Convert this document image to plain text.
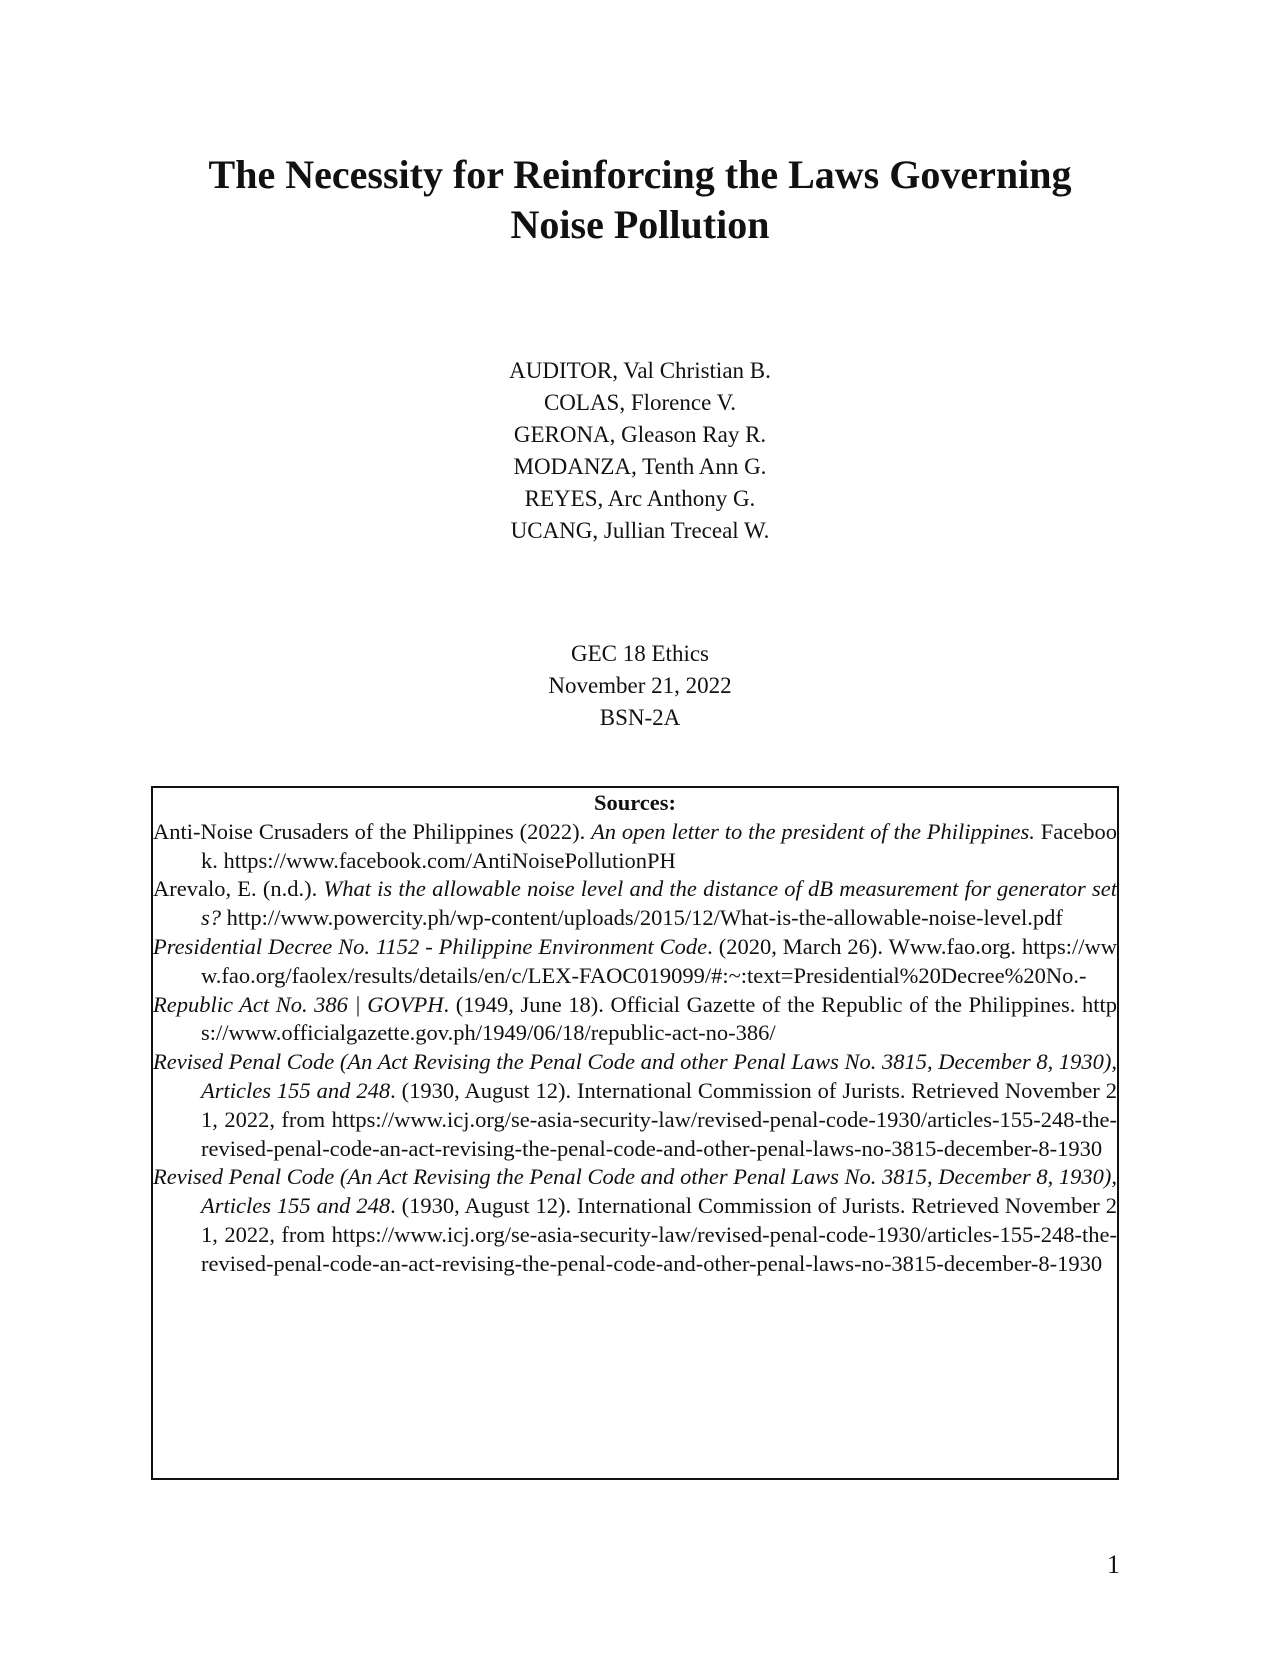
The Necessity for Reinforcing the Laws Governing
Noise Pollution
AUDITOR, Val Christian B.
COLAS, Florence V.
GERONA, Gleason Ray R.
MODANZA, Tenth Ann G.
REYES, Arc Anthony G.
UCANG, Jullian Treceal W.
GEC 18 Ethics
November 21, 2022
BSN-2A
Sources:
Anti-Noise Crusaders of the Philippines (2022). An open letter to the president of the Philippines. Facebook. https://www.facebook.com/AntiNoisePollutionPH
Arevalo, E. (n.d.). What is the allowable noise level and the distance of dB measurement for generator sets? http://www.powercity.ph/wp-content/uploads/2015/12/What-is-the-allowable-noise-level.pdf
Presidential Decree No. 1152 - Philippine Environment Code. (2020, March 26). Www.fao.org. https://www.fao.org/faolex/results/details/en/c/LEX-FAOC019099/#:~:text=Presidential%20Decree%20No.-
Republic Act No. 386 | GOVPH. (1949, June 18). Official Gazette of the Republic of the Philippines. https://www.officialgazette.gov.ph/1949/06/18/republic-act-no-386/
Revised Penal Code (An Act Revising the Penal Code and other Penal Laws No. 3815, December 8, 1930), Articles 155 and 248. (1930, August 12). International Commission of Jurists. Retrieved November 21, 2022, from https://www.icj.org/se-asia-security-law/revised-penal-code-1930/articles-155-248-the-revised-penal-code-an-act-revising-the-penal-code-and-other-penal-laws-no-3815-december-8-1930
Revised Penal Code (An Act Revising the Penal Code and other Penal Laws No. 3815, December 8, 1930), Articles 155 and 248. (1930, August 12). International Commission of Jurists. Retrieved November 21, 2022, from https://www.icj.org/se-asia-security-law/revised-penal-code-1930/articles-155-248-the-revised-penal-code-an-act-revising-the-penal-code-and-other-penal-laws-no-3815-december-8-1930
1
